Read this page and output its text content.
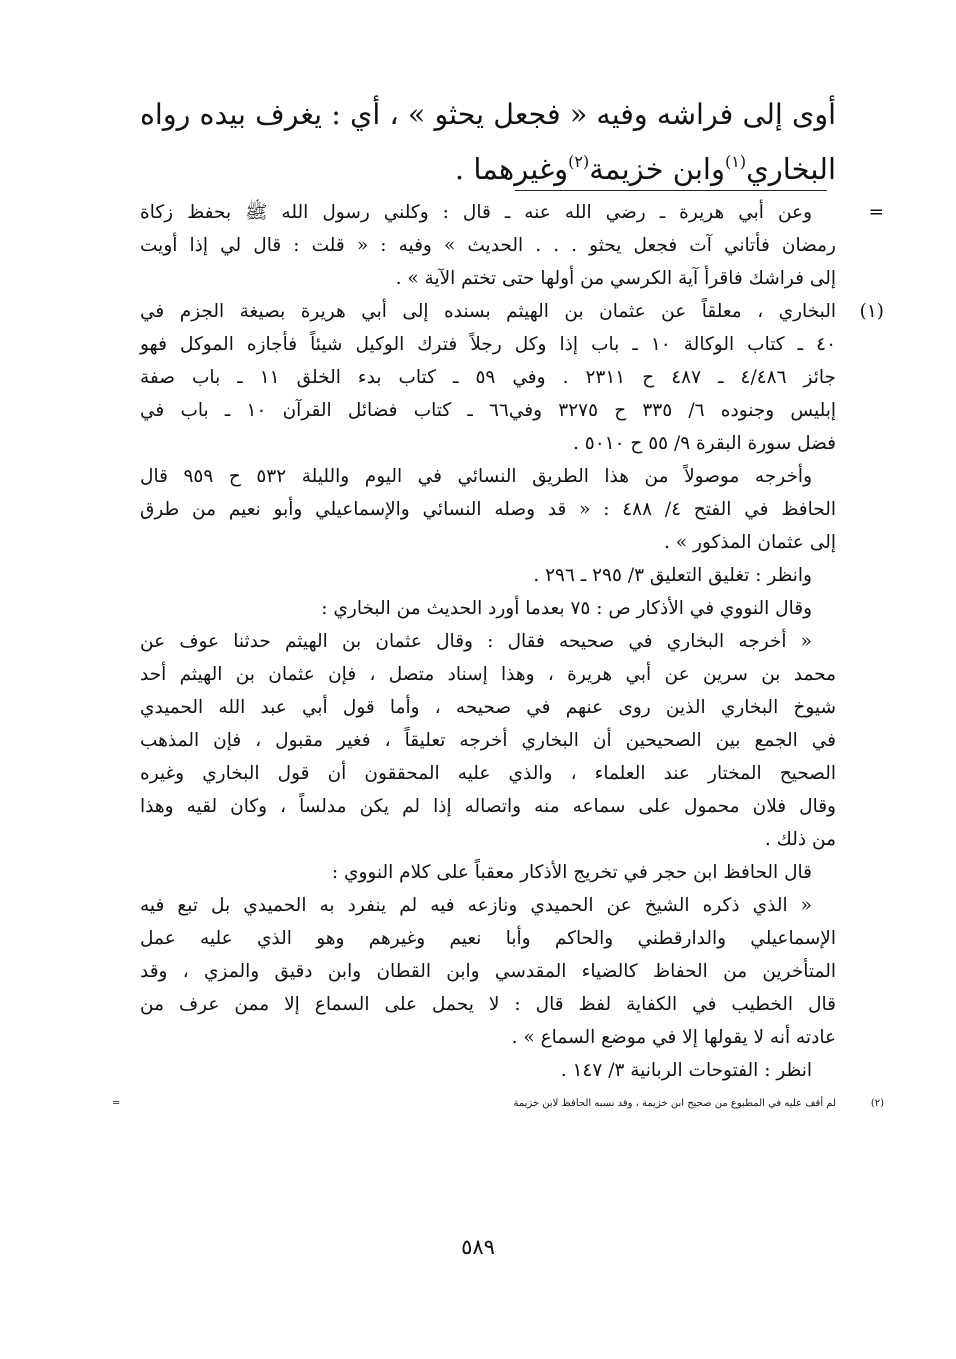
أوى إلى فراشه وفيه « فجعل يحثو » ، أي : يغرف بيده رواه
البخاري$^{(١)}$وابن خزيمة$^{(٢)}$وغيرهما .
=
وعن أبي هريرة ـ رضي الله عنه ـ قال : وكلني رسول الله ﷺ بحفظ زكاة
رمضان فأتاني آت فجعل يحثو . . . الحديث » وفيه : « قلت : قال لي إذا أويت
إلى فراشك فاقرأ آية الكرسي من أولها حتى تختم الآية » .
(١)
البخاري ، معلقاً عن عثمان بن الهيثم بسنده إلى أبي هريرة بصيغة الجزم في
٤٠ ـ كتاب الوكالة ١٠ ـ باب إذا وكل رجلاً فترك الوكيل شيئاً فأجازه الموكل فهو
جائز ٤/٤٨٦ ـ ٤٨٧ ح ٢٣١١ . وفي ٥٩ ـ كتاب بدء الخلق ١١ ـ باب صفة
إبليس وجنوده ٦/ ٣٣٥ ح ٣٢٧٥ وفي٦٦ ـ كتاب فضائل القرآن ١٠ ـ باب في
فضل سورة البقرة ٩/ ٥٥ ح ٥٠١٠ .
وأخرجه موصولاً من هذا الطريق النسائي في اليوم والليلة ٥٣٢ ح ٩٥٩ قال
الحافظ في الفتح ٤/ ٤٨٨ : « قد وصله النسائي والإسماعيلي وأبو نعيم من طرق
إلى عثمان المذكور » .
وانظر : تغليق التعليق ٣/ ٢٩٥ ـ ٢٩٦ .
وقال النووي في الأذكار ص : ٧٥ بعدما أورد الحديث من البخاري :
« أخرجه البخاري في صحيحه فقال : وقال عثمان بن الهيثم حدثنا عوف عن
محمد بن سرين عن أبي هريرة ، وهذا إسناد متصل ، فإن عثمان بن الهيثم أحد
شيوخ البخاري الذين روى عنهم في صحيحه ، وأما قول أبي عبد الله الحميدي
في الجمع بين الصحيحين أن البخاري أخرجه تعليقاً ، فغير مقبول ، فإن المذهب
الصحيح المختار عند العلماء ، والذي عليه المحققون أن قول البخاري وغيره
وقال فلان محمول على سماعه منه واتصاله إذا لم يكن مدلساً ، وكان لقيه وهذا
من ذلك .
قال الحافظ ابن حجر في تخريج الأذكار معقباً على كلام النووي :
« الذي ذكره الشيخ عن الحميدي ونازعه فيه لم ينفرد به الحميدي بل تبع فيه
الإسماعيلي والدارقطني والحاكم وأبا نعيم وغيرهم وهو الذي عليه عمل
المتأخرين من الحفاظ كالضياء المقدسي وابن القطان وابن دقيق والمزي ، وقد
قال الخطيب في الكفاية لفظ قال : لا يحمل على السماع إلا ممن عرف من
عادته أنه لا يقولها إلا في موضع السماع » .
انظر : الفتوحات الربانية ٣/ ١٤٧ .
(٢)
لم أقف عليه في المطبوع من صحيح ابن خزيمة ، وقد نسبه الحافظ لابن خزيمة
=
٥٨٩
